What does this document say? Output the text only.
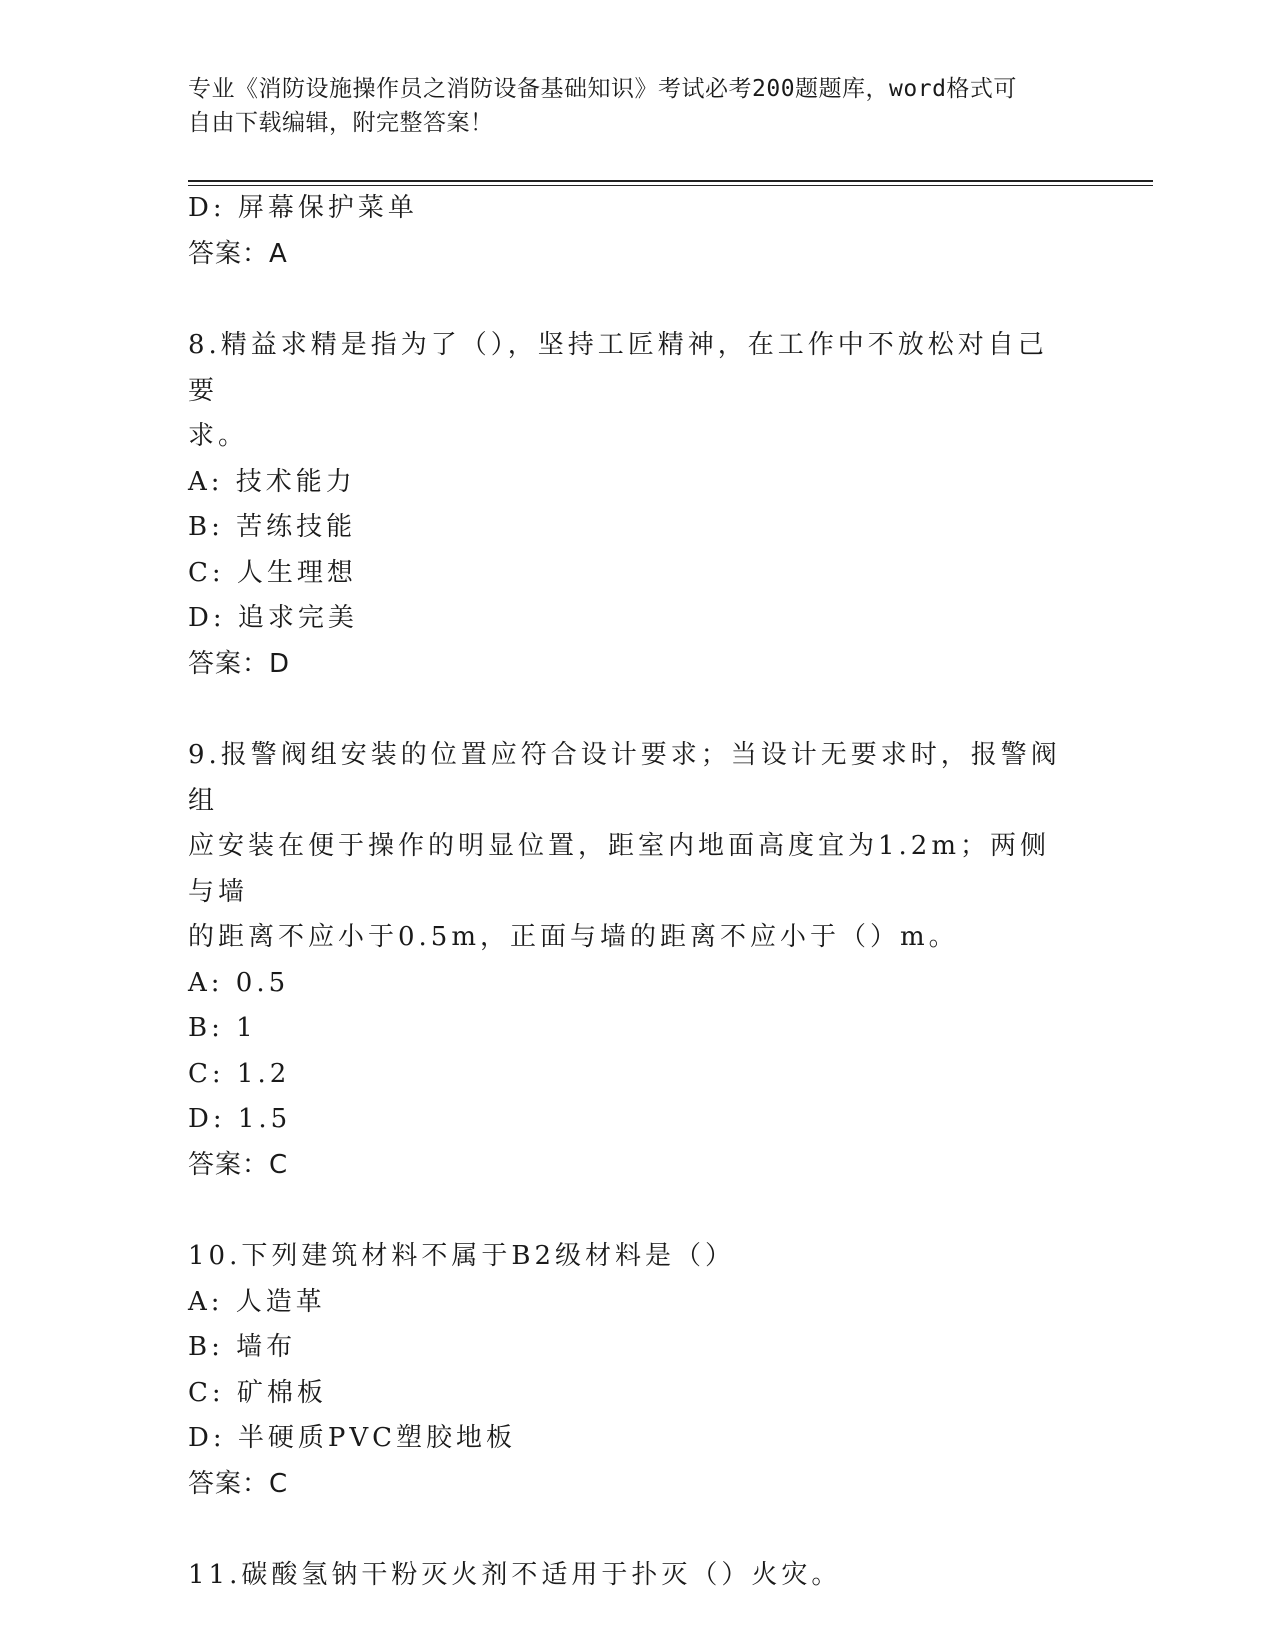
专业《消防设施操作员之消防设备基础知识》考试必考200题题库，word格式可
自由下载编辑，附完整答案！
D: 屏幕保护菜单
答案：A
8.精益求精是指为了（），坚持工匠精神，在工作中不放松对自己要
求。
A: 技术能力
B: 苦练技能
C: 人生理想
D: 追求完美
答案：D
9.报警阀组安装的位置应符合设计要求；当设计无要求时，报警阀组
应安装在便于操作的明显位置，距室内地面高度宜为1.2m；两侧与墙
的距离不应小于0.5m，正面与墙的距离不应小于（）m。
A: 0.5
B: 1
C: 1.2
D: 1.5
答案：C
10.下列建筑材料不属于B2级材料是（）
A: 人造革
B: 墙布
C: 矿棉板
D: 半硬质PVC塑胶地板
答案：C
11.碳酸氢钠干粉灭火剂不适用于扑灭（）火灾。
